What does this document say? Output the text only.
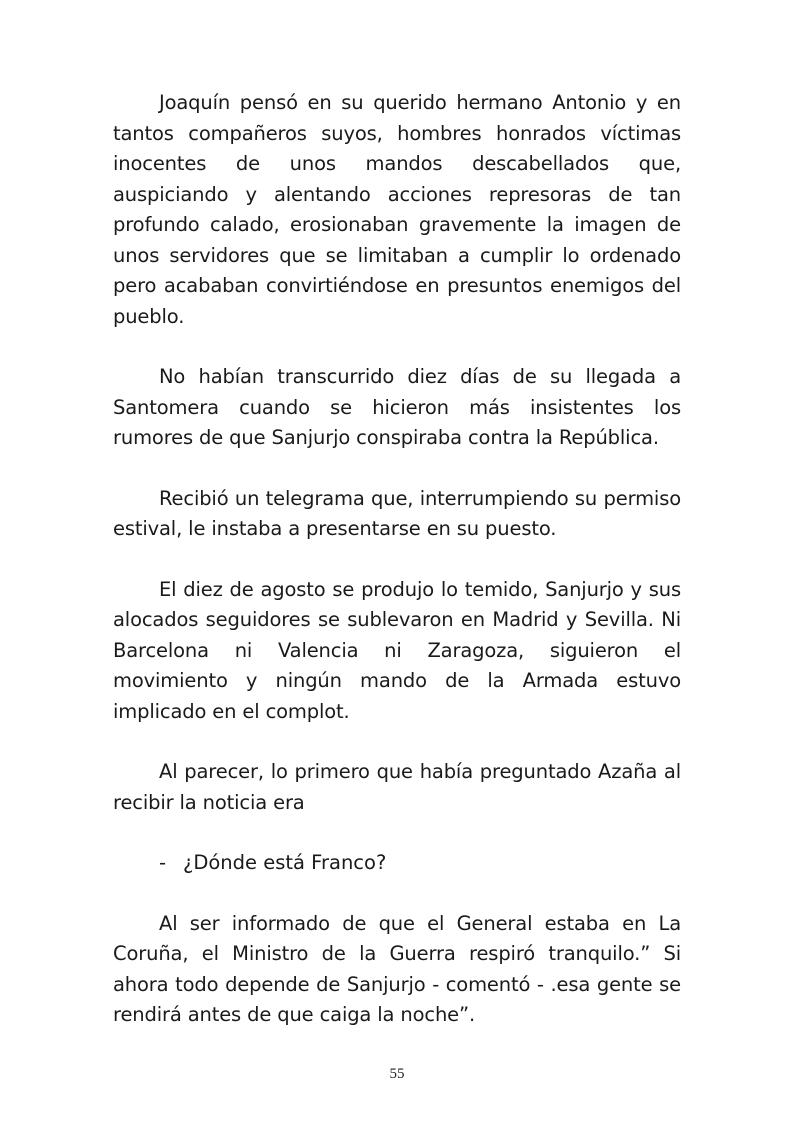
Joaquín pensó en su querido hermano Antonio y en tantos compañeros suyos, hombres honrados víctimas inocentes de unos mandos descabellados que, auspiciando y alentando acciones represoras de tan profundo calado, erosionaban gravemente la imagen de unos servidores que se limitaban a cumplir lo ordenado pero acababan convirtiéndose en presuntos enemigos del pueblo.

No habían transcurrido diez días de su llegada a Santomera cuando se hicieron más insistentes los rumores de que Sanjurjo conspiraba contra la República.

Recibió un telegrama que, interrumpiendo su permiso estival, le instaba a presentarse en su puesto.

El diez de agosto se produjo lo temido, Sanjurjo y sus alocados seguidores se sublevaron en Madrid y Sevilla. Ni Barcelona ni Valencia ni Zaragoza, siguieron el movimiento y ningún mando de la Armada estuvo implicado en el complot.

Al parecer, lo primero que había preguntado Azaña al recibir la noticia era

- ¿Dónde está Franco?

Al ser informado de que el General estaba en La Coruña, el Ministro de la Guerra respiró tranquilo.” Si ahora todo depende de Sanjurjo - comentó - .esa gente se rendirá antes de que caiga la noche”.

55
